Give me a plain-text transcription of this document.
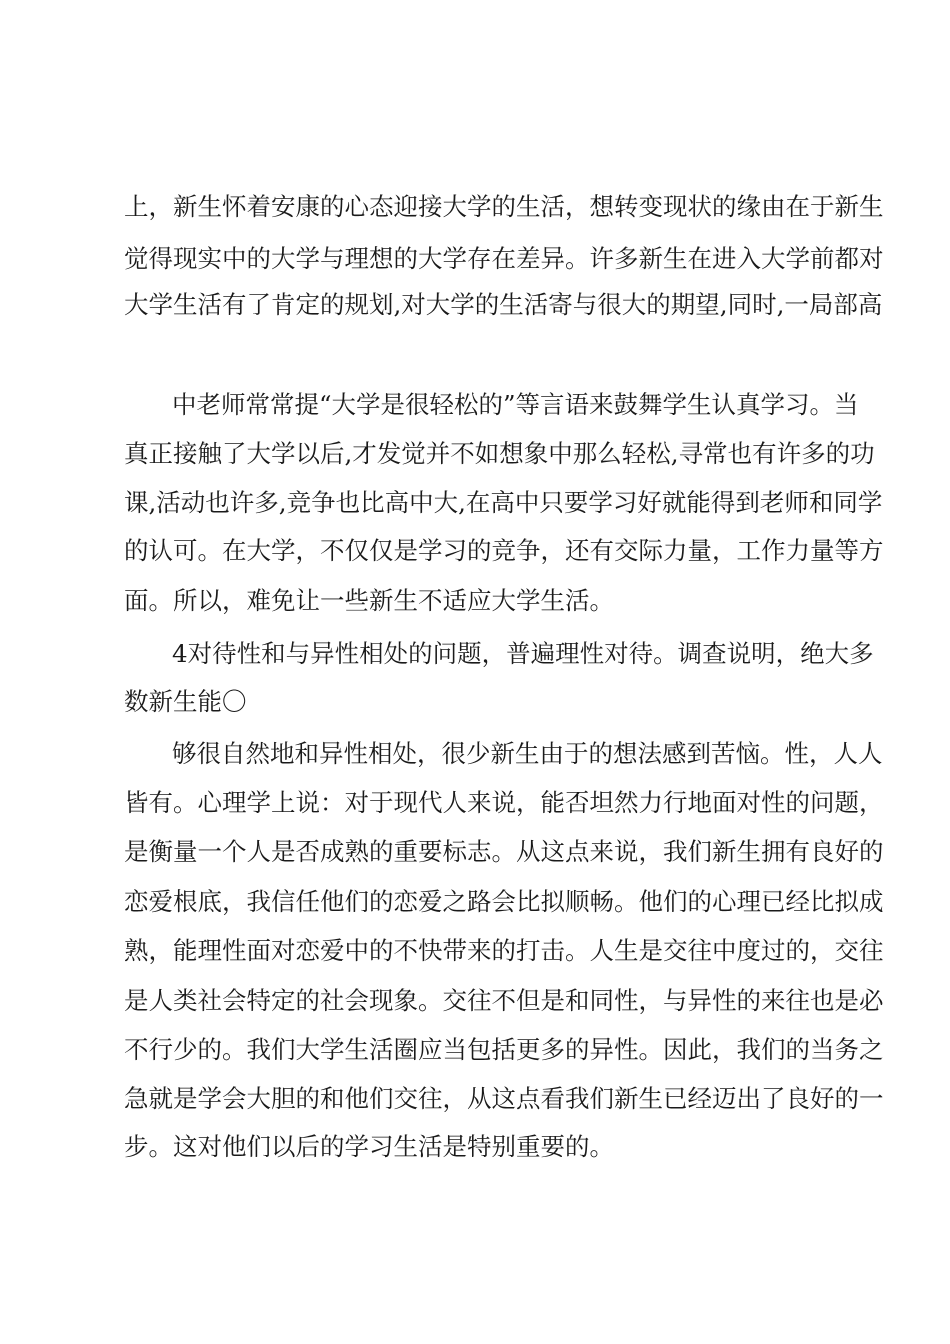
上，新生怀着安康的心态迎接大学的生活，想转变现状的缘由在于新生
觉得现实中的大学与理想的大学存在差异。许多新生在进入大学前都对
大学生活有了肯定的规划,对大学的生活寄与很大的期望,同时,一局部高
中老师常常提“大学是很轻松的”等言语来鼓舞学生认真学习。当
真正接触了大学以后,才发觉并不如想象中那么轻松,寻常也有许多的功
课,活动也许多,竞争也比高中大,在高中只要学习好就能得到老师和同学
的认可。在大学，不仅仅是学习的竞争，还有交际力量，工作力量等方
面。所以，难免让一些新生不适应大学生活。
4对待性和与异性相处的问题，普遍理性对待。调查说明，绝大多
数新生能〇
够很自然地和异性相处，很少新生由于的想法感到苦恼。性，人人
皆有。心理学上说：对于现代人来说，能否坦然力行地面对性的问题，
是衡量一个人是否成熟的重要标志。从这点来说，我们新生拥有良好的
恋爱根底，我信任他们的恋爱之路会比拟顺畅。他们的心理已经比拟成
熟，能理性面对恋爱中的不快带来的打击。人生是交往中度过的，交往
是人类社会特定的社会现象。交往不但是和同性，与异性的来往也是必
不行少的。我们大学生活圈应当包括更多的异性。因此，我们的当务之
急就是学会大胆的和他们交往，从这点看我们新生已经迈出了良好的一
步。这对他们以后的学习生活是特别重要的。
